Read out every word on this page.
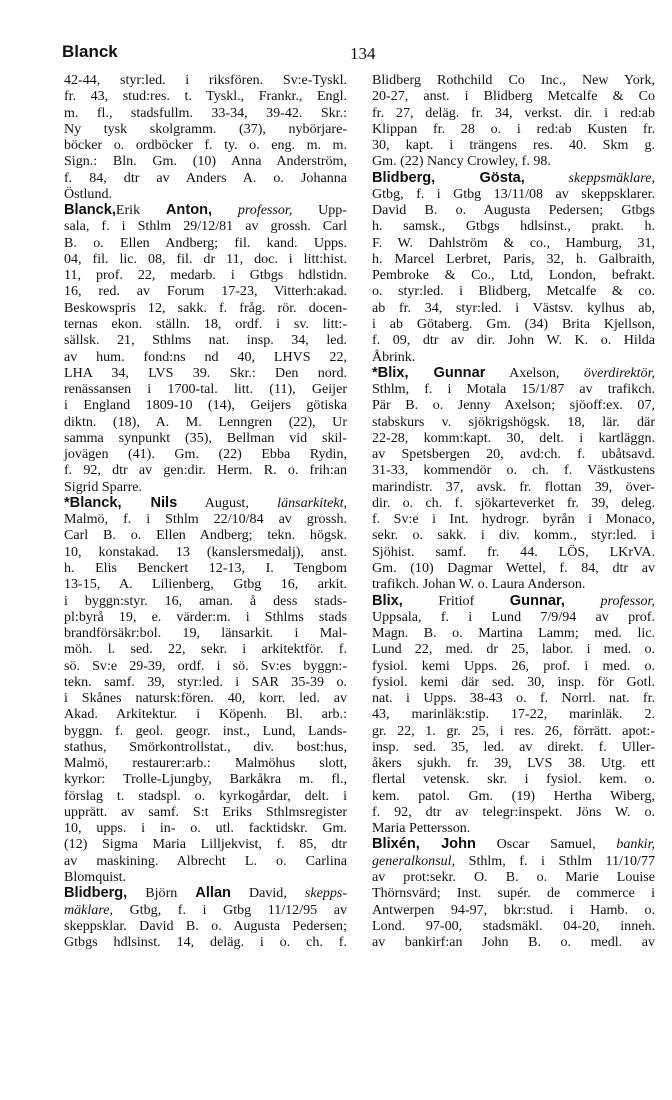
Blanck	134
42-44, styr:led. i riksfören. Sv:e-Tyskl.
fr. 43, stud:res. t. Tyskl., Frankr., Engl.
m. fl., stadsfullm. 33-34, 39-42. Skr.:
Ny tysk skolgramm. (37), nybörjare-
böcker o. ordböcker f. ty. o. eng. m. m.
Sign.: Bln. Gm. (10) Anna Anderström,
f. 84, dtr av Anders A. o. Johanna
Östlund.
Blanck,Erik Anton, professor, Upp-
sala, f. i Sthlm 29/12/81 av grossh. Carl
B. o. Ellen Andberg; fil. kand. Upps.
04, fil. lic. 08, fil. dr 11, doc. i litt:hist.
11, prof. 22, medarb. i Gtbgs hdlstidn.
16, red. av Forum 17-23, Vitterh:akad.
Beskowspris 12, sakk. f. fråg. rör. docen-
ternas ekon. ställn. 18, ordf. i sv. litt:-
sällsk. 21, Sthlms nat. insp. 34, led.
av hum. fond:ns nd 40, LHVS 22,
LHA 34, LVS 39. Skr.: Den nord.
renässansen i 1700-tal. litt. (11), Geijer
i England 1809-10 (14), Geijers götiska
diktn. (18), A. M. Lenngren (22), Ur
samma synpunkt (35), Bellman vid skil-
jovägen (41). Gm. (22) Ebba Rydin,
f. 92, dtr av gen:dir. Herm. R. o. frih:an
Sigrid Sparre.
*Blanck, Nils August, länsarkitekt,
Malmö, f. i Sthlm 22/10/84 av grossh.
Carl B. o. Ellen Andberg; tekn. högsk.
10, konstakad. 13 (kanslersmedalj), anst.
h. Elis Benckert 12-13, I. Tengbom
13-15, A. Lilienberg, Gtbg 16, arkit.
i byggn:styr. 16, aman. å dess stads-
pl:byrå 19, e. värder:m. i Sthlms stads
brandförsäkr:bol. 19, länsarkit. i Mal-
möh. l. sed. 22, sekr. i arkitektför. f.
sö. Sv:e 29-39, ordf. i sö. Sv:es byggn:-
tekn. samf. 39, styr:led. i SAR 35-39 o.
i Skånes natursk:fören. 40, korr. led. av
Akad. Arkitektur. i Köpenh. Bl. arb.:
byggn. f. geol. geogr. inst., Lund, Lands-
stathus, Smörkontrollstat., div. bost:hus,
Malmö, restaurer:arb.: Malmöhus slott,
kyrkor: Trolle-Ljungby, Barkåkra m. fl.,
förslag t. stadspl. o. kyrkogårdar, delt. i
upprätt. av samf. S:t Eriks Sthlmsregister
10, upps. i in- o. utl. facktidskr. Gm.
(12) Sigma Maria Lilljekvist, f. 85, dtr
av maskining. Albrecht L. o. Carlina
Blomquist.
Blidberg, Björn Allan David, skepps-
mäklare, Gtbg, f. i Gtbg 11/12/95 av
skeppsklar. David B. o. Augusta Pedersen;
Gtbgs hdlsinst. 14, deläg. i o. ch. f.
Blidberg Rothchild Co Inc., New York,
20-27, anst. i Blidberg Metcalfe & Co
fr. 27, deläg. fr. 34, verkst. dir. i red:ab
Klippan fr. 28 o. i red:ab Kusten fr.
30, kapt. i trängens res. 40. Skm g.
Gm. (22) Nancy Crowley, f. 98.
Blidberg, Gösta, skeppsmäklare,
Gtbg, f. i Gtbg 13/11/08 av skeppsklarer.
David B. o. Augusta Pedersen; Gtbgs
h. samsk., Gtbgs hdlsinst., prakt. h.
F. W. Dahlström & co., Hamburg, 31,
h. Marcel Lerbret, Paris, 32, h. Galbraith,
Pembroke & Co., Ltd, London, befrakt.
o. styr:led. i Blidberg, Metcalfe & co.
ab fr. 34, styr:led. i Västsv. kylhus ab,
i ab Götaberg. Gm. (34) Brita Kjellson,
f. 09, dtr av dir. John W. K. o. Hilda
Åbrink.
*Blix, Gunnar Axelson, överdirektör,
Sthlm, f. i Motala 15/1/87 av trafikch.
Pär B. o. Jenny Axelson; sjöoff:ex. 07,
stabskurs v. sjökrigshögsk. 18, lär. där
22-28, komm:kapt. 30, delt. i kartläggn.
av Spetsbergen 20, avd:ch. f. ubåtsavd.
31-33, kommendör o. ch. f. Västkustens
marindistr. 37, avsk. fr. flottan 39, över-
dir. o. ch. f. sjökarteverket fr. 39, deleg.
f. Sv:e i Int. hydrogr. byrån i Monaco,
sekr. o. sakk. i div. komm., styr:led. i
Sjöhist. samf. fr. 44. LÖS, LKrVA.
Gm. (10) Dagmar Wettel, f. 84, dtr av
trafikch. Johan W. o. Laura Anderson.
Blix, Fritiof Gunnar, professor,
Uppsala, f. i Lund 7/9/94 av prof.
Magn. B. o. Martina Lamm; med. lic.
Lund 22, med. dr 25, labor. i med. o.
fysiol. kemi Upps. 26, prof. i med. o.
fysiol. kemi där sed. 30, insp. för Gotl.
nat. i Upps. 38-43 o. f. Norrl. nat. fr.
43, marinläk:stip. 17-22, marinläk. 2.
gr. 22, 1. gr. 25, i res. 26, förrätt. apot:-
insp. sed. 35, led. av direkt. f. Uller-
åkers sjukh. fr. 39, LVS 38. Utg. ett
flertal vetensk. skr. i fysiol. kem. o.
kem. patol. Gm. (19) Hertha Wiberg,
f. 92, dtr av telegr:inspekt. Jöns W. o.
Maria Pettersson.
Blixén, John Oscar Samuel, bankir,
generalkonsul, Sthlm, f. i Sthlm 11/10/77
av prot:sekr. O. B. o. Marie Louise
Thörnsvärd; Inst. supér. de commerce i
Antwerpen 94-97, bkr:stud. i Hamb. o.
Lond. 97-00, stadsmäkl. 04-20, inneh.
av bankirf:an John B. o. medl. av
